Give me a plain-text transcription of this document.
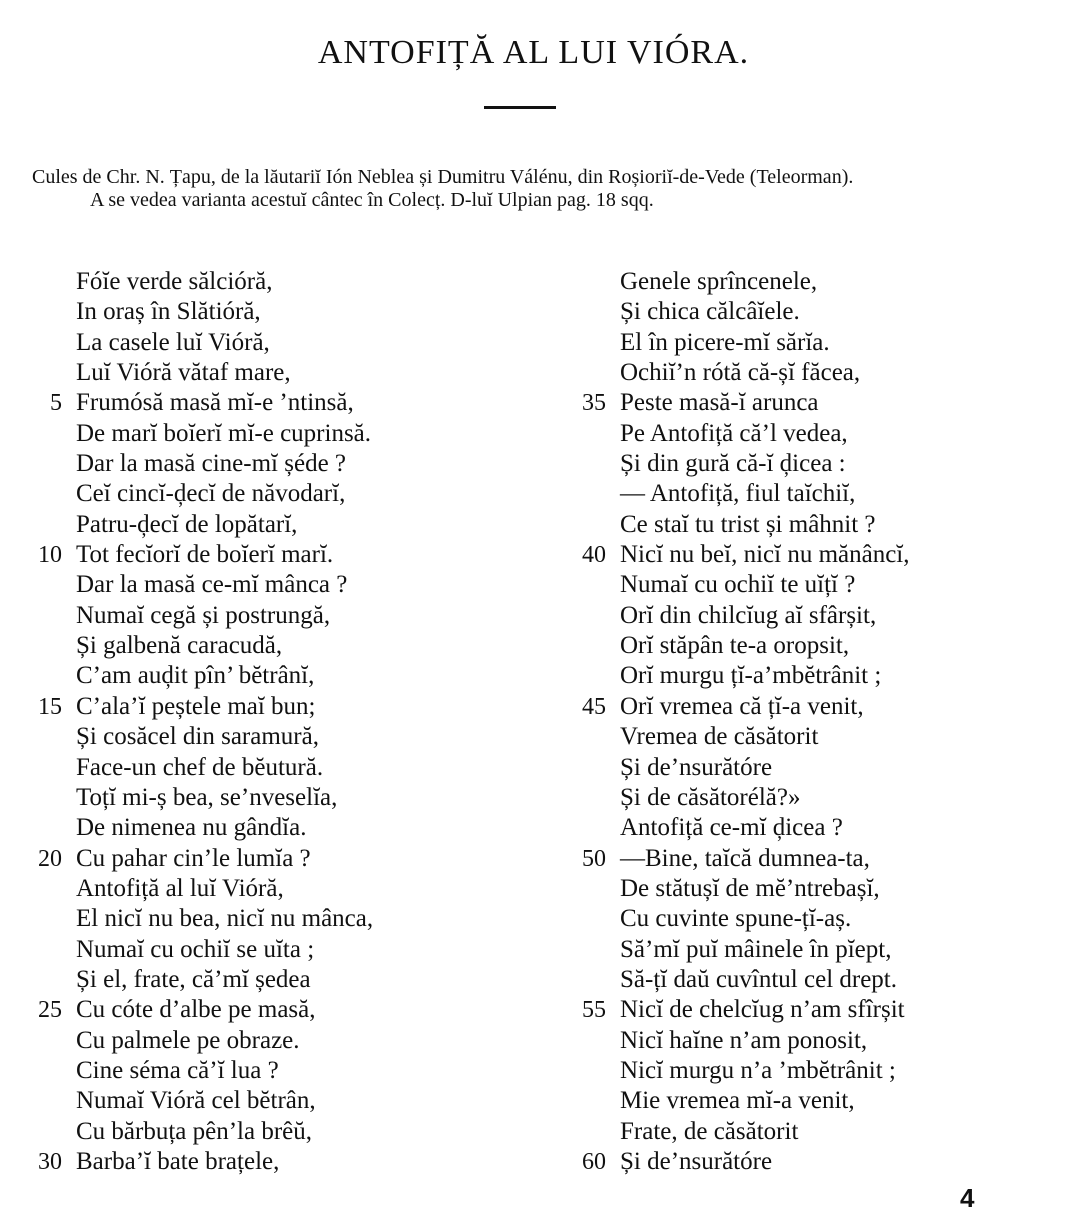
ANTOFIȚĂ AL LUI VIÓRA.
Cules de Chr. N. Țapu, de la lăutariĭ Ión Neblea și Dumitru Válénu, din Roșioriĭ-de-Vede (Teleorman).
A se vedea varianta acestuĭ cântec în Colecț. D-luĭ Ulpian pag. 18 sqq.
Fóĭe verde sălcióră,
In oraș în Slătióră,
La casele luĭ Vióră,
Luĭ Vióră vătaf mare,
5 Frumósă masă mĭ-e ’ntinsă,
De marĭ boĭerĭ mĭ-e cuprinsă.
Dar la masă cine-mĭ șéde ?
Ceĭ cincĭ-ḑecĭ de năvodarĭ,
Patru-ḑecĭ de lopătarĭ,
10 Tot fecĭorĭ de boĭerĭ marĭ.
Dar la masă ce-mĭ mânca ?
Numaĭ cegă și postrungă,
Și galbenă caracudă,
C’am auḑit pîn’ bĕtrânĭ,
15 C’ala’ĭ peștele maĭ bun;
Și cosăcel din saramură,
Face-un chef de bĕutură.
Toțĭ mi-ș bea, se’nveselĭa,
De nimenea nu gândĭa.
20 Cu pahar cin’le lumĭa ?
Antofiță al luĭ Vióră,
El nicĭ nu bea, nicĭ nu mânca,
Numaĭ cu ochiĭ se uĭta ;
Și el, frate, că’mĭ ședea
25 Cu cóte d’albe pe masă,
Cu palmele pe obraze.
Cine séma că’ĭ lua ?
Numaĭ Vióră cel bĕtrân,
Cu bărbuța pên’la brêŭ,
30 Barba’ĭ bate brațele,
Genele sprîncenele,
Și chica călcâĭele.
El în picere-mĭ sărĭa.
Ochiĭ’n rótă că-șĭ făcea,
35 Peste masă-ĭ arunca
Pe Antofiță că’l vedea,
Și din gură că-ĭ ḑicea :
— Antofiță, fiul taĭchiĭ,
Ce staĭ tu trist și mâhnit ?
40 Nicĭ nu beĭ, nicĭ nu mănâncĭ,
Numaĭ cu ochiĭ te uĭțĭ ?
Orĭ din chilcĭug aĭ sfârșit,
Orĭ stăpân te-a oropsit,
Orĭ murgu țĭ-a’mbĕtrânit ;
45 Orĭ vremea că țĭ-a venit,
Vremea de căsătorit
Și de’nsurătóre
Și de căsătorélă?»
Antofiță ce-mĭ ḑicea ?
50 —Bine, taĭcă dumnea-ta,
De stătușĭ de mĕ’ntrebașĭ,
Cu cuvinte spune-țĭ-aș.
Să’mĭ puĭ mâinele în pĭept,
Să-țĭ daŭ cuvîntul cel drept.
55 Nicĭ de chelcĭug n’am sfîrșit
Nicĭ haĭne n’am ponosit,
Nicĭ murgu n’a ’mbĕtrânit ;
Mie vremea mĭ-a venit,
Frate, de căsătorit
60 Și de’nsurătóre
4
